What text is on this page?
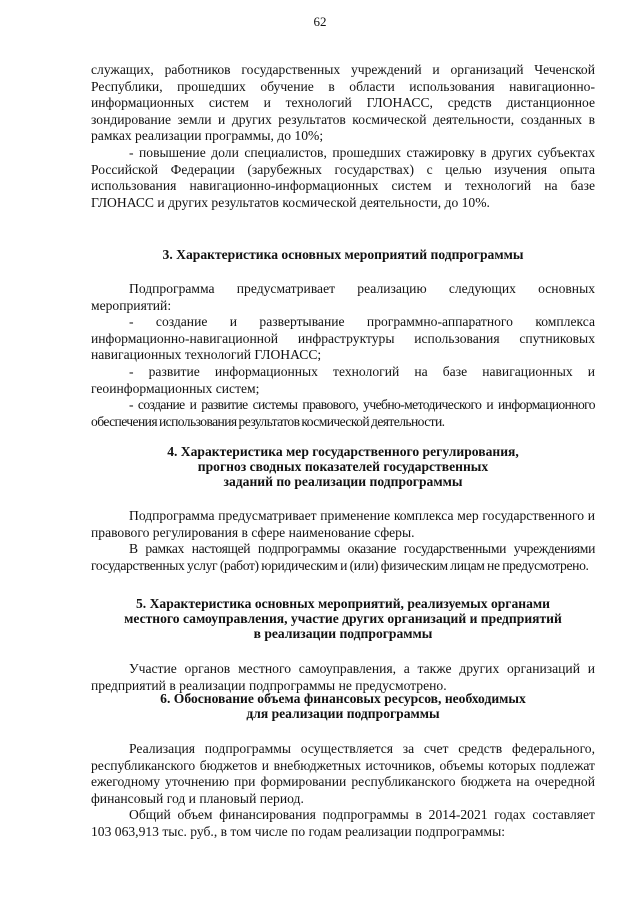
62

служащих, работников государственных учреждений и организаций Чеченской Республики, прошедших обучение в области использования навигационно-информационных систем и технологий ГЛОНАСС, средств дистанционное зондирование земли и других результатов космической деятельности, созданных в рамках реализации программы, до 10%;

- повышение доли специалистов, прошедших стажировку в других субъектах Российской Федерации (зарубежных государствах) с целью изучения опыта использования навигационно-информационных систем и технологий на базе ГЛОНАСС и других результатов космической деятельности, до 10%.

3. Характеристика основных мероприятий подпрограммы

Подпрограмма предусматривает реализацию следующих основных мероприятий:

- создание и развертывание программно-аппаратного комплекса информационно-навигационной инфраструктуры использования спутниковых навигационных технологий ГЛОНАСС;

- развитие информационных технологий на базе навигационных и геоинформационных систем;

- создание и развитие системы правового, учебно-методического и информационного обеспечения использования результатов космической деятельности.

4. Характеристика мер государственного регулирования,
прогноз сводных показателей государственных
заданий по реализации подпрограммы

Подпрограмма предусматривает применение комплекса мер государственного и правового регулирования в сфере наименование сферы.

В рамках настоящей подпрограммы оказание государственными учреждениями государственных услуг (работ) юридическим и (или) физическим лицам не предусмотрено.

5. Характеристика основных мероприятий, реализуемых органами
местного самоуправления, участие других организаций и предприятий
в реализации подпрограммы

Участие органов местного самоуправления, а также других организаций и предприятий в реализации подпрограммы не предусмотрено.

6. Обоснование объема финансовых ресурсов, необходимых
для реализации подпрограммы

Реализация подпрограммы осуществляется за счет средств федерального, республиканского бюджетов и внебюджетных источников, объемы которых подлежат ежегодному уточнению при формировании республиканского бюджета на очередной финансовый год и плановый период.

Общий объем финансирования подпрограммы в 2014-2021 годах составляет 103 063,913 тыс. руб., в том числе по годам реализации подпрограммы:
